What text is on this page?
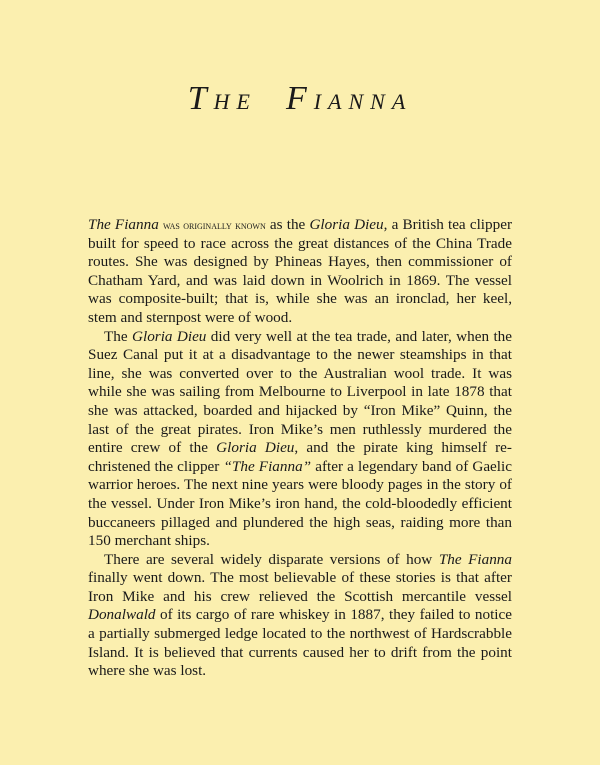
THE FIANNA

The Fianna was originally known as the Gloria Dieu, a British tea clipper built for speed to race across the great distances of the China Trade routes. She was designed by Phineas Hayes, then commissioner of Chatham Yard, and was laid down in Woolrich in 1869. The vessel was composite-built; that is, while she was an ironclad, her keel, stem and sternpost were of wood.

The Gloria Dieu did very well at the tea trade, and later, when the Suez Canal put it at a disadvantage to the newer steamships in that line, she was converted over to the Australian wool trade. It was while she was sailing from Melbourne to Liverpool in late 1878 that she was attacked, boarded and hijacked by “Iron Mike” Quinn, the last of the great pirates. Iron Mike’s men ruthlessly murdered the entire crew of the Gloria Dieu, and the pirate king himself rechristened the clipper “The Fianna” after a legendary band of Gaelic warrior heroes. The next nine years were bloody pages in the story of the vessel. Under Iron Mike’s iron hand, the cold-bloodedly efficient buccaneers pillaged and plundered the high seas, raiding more than 150 merchant ships.

There are several widely disparate versions of how The Fianna finally went down. The most believable of these stories is that after Iron Mike and his crew relieved the Scottish mercantile vessel Donalwald of its cargo of rare whiskey in 1887, they failed to notice a partially submerged ledge located to the northwest of Hardscrabble Island. It is believed that currents caused her to drift from the point where she was lost.
